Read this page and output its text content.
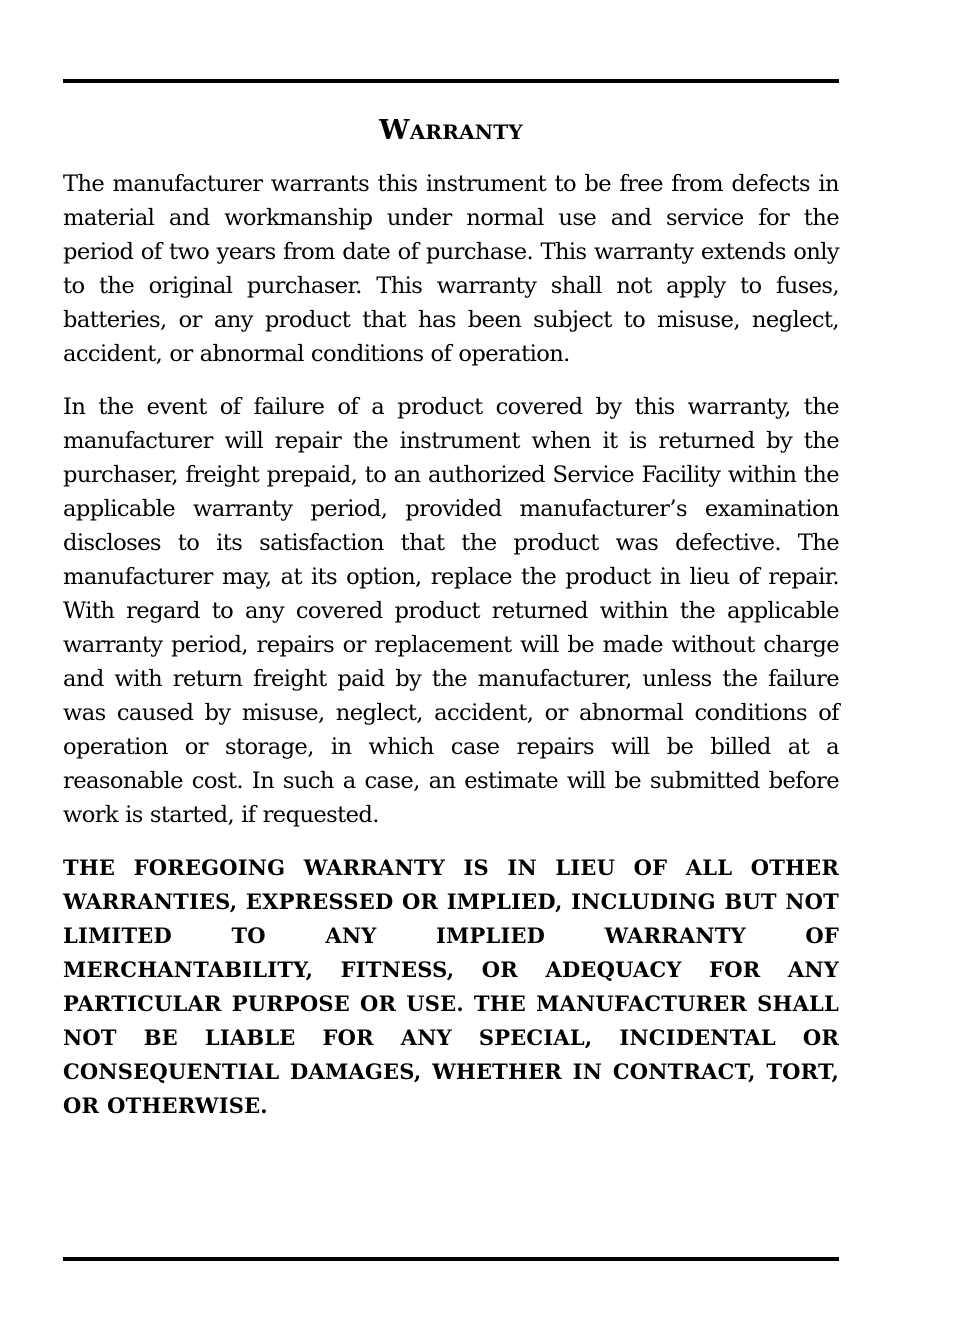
WARRANTY

The manufacturer warrants this instrument to be free from defects in material and workmanship under normal use and service for the period of two years from date of purchase. This warranty extends only to the original purchaser. This warranty shall not apply to fuses, batteries, or any product that has been subject to misuse, neglect, accident, or abnormal conditions of operation.

In the event of failure of a product covered by this warranty, the manufacturer will repair the instrument when it is returned by the purchaser, freight prepaid, to an authorized Service Facility within the applicable warranty period, provided manufacturer’s examination discloses to its satisfaction that the product was defective. The manufacturer may, at its option, replace the product in lieu of repair. With regard to any covered product returned within the applicable warranty period, repairs or replacement will be made without charge and with return freight paid by the manufacturer, unless the failure was caused by misuse, neglect, accident, or abnormal conditions of operation or storage, in which case repairs will be billed at a reasonable cost. In such a case, an estimate will be submitted before work is started, if requested.

THE FOREGOING WARRANTY IS IN LIEU OF ALL OTHER WARRANTIES, EXPRESSED OR IMPLIED, INCLUDING BUT NOT LIMITED TO ANY IMPLIED WARRANTY OF MERCHANTABILITY, FITNESS, OR ADEQUACY FOR ANY PARTICULAR PURPOSE OR USE. THE MANUFACTURER SHALL NOT BE LIABLE FOR ANY SPECIAL, INCIDENTAL OR CONSEQUENTIAL DAMAGES, WHETHER IN CONTRACT, TORT, OR OTHERWISE.
